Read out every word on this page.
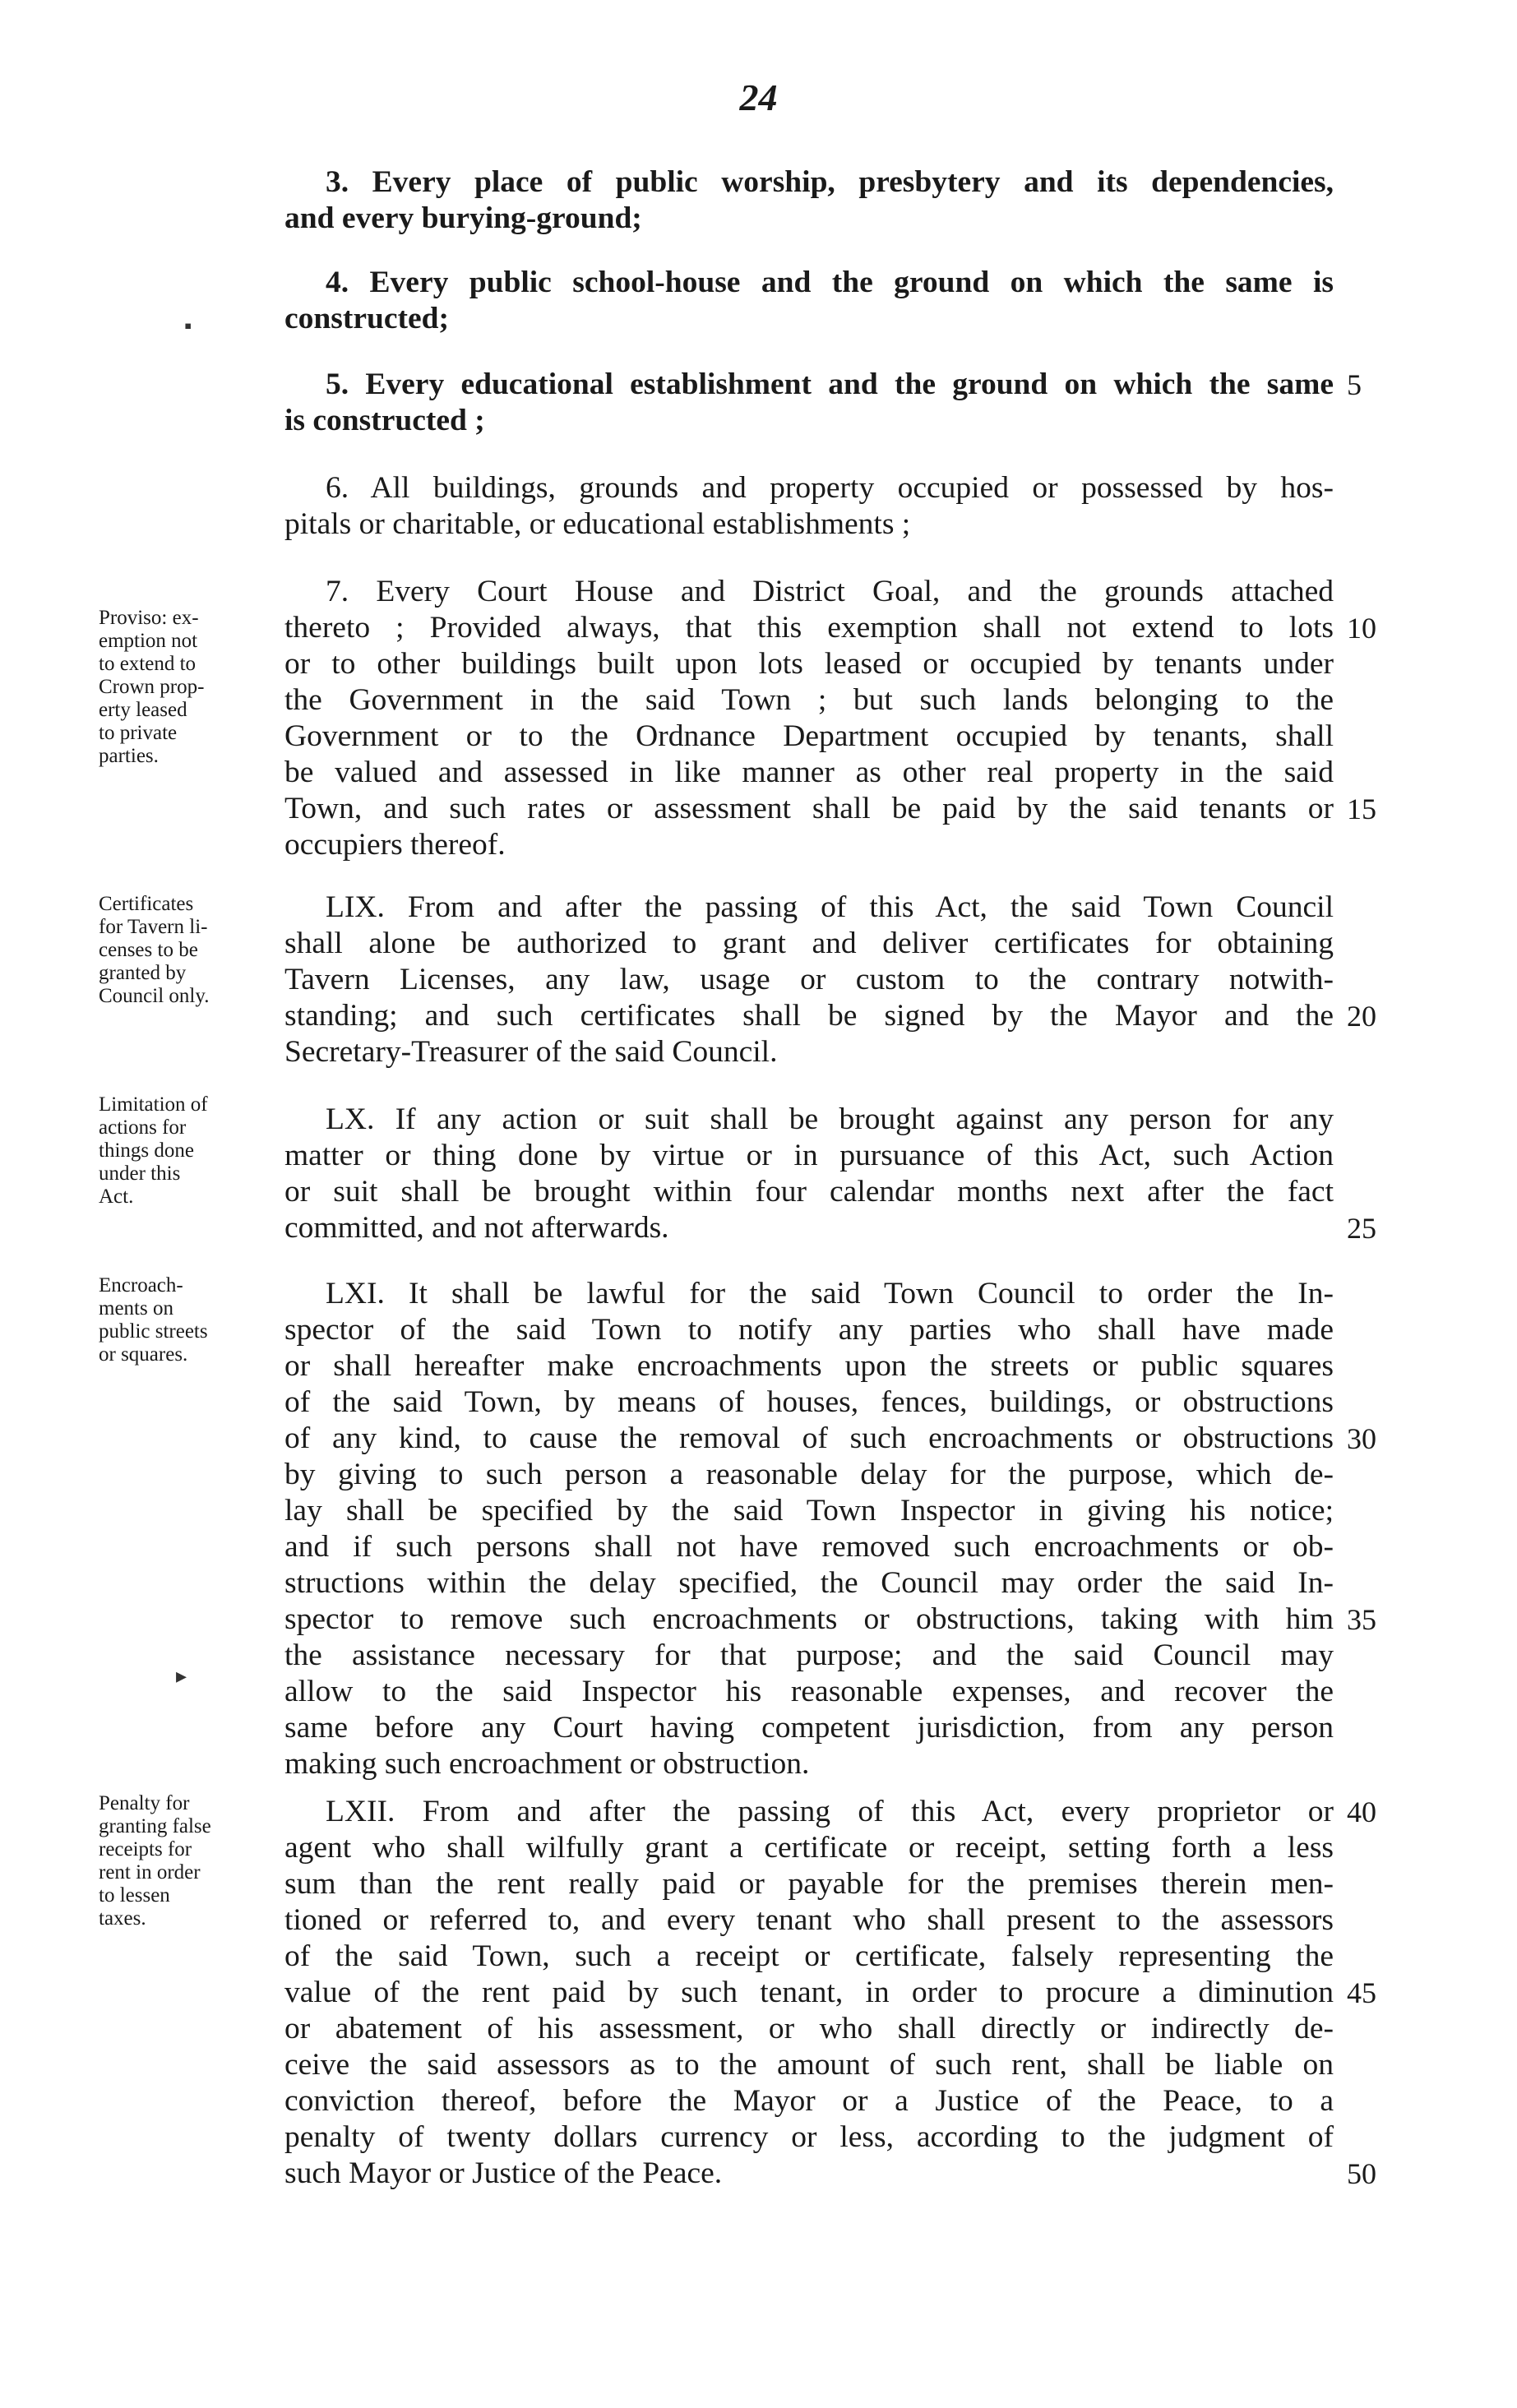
24
3. Every place of public worship, presbytery and its dependencies,
and every burying-ground;
4. Every public school-house and the ground on which the same is
constructed;
5. Every educational establishment and the ground on which the same
is constructed ;
6. All buildings, grounds and property occupied or possessed by hos-
pitals or charitable, or educational establishments ;
7. Every Court House and District Goal, and the grounds attached
thereto ; Provided always, that this exemption shall not extend to lots
or to other buildings built upon lots leased or occupied by tenants under
the Government in the said Town ; but such lands belonging to the
Government or to the Ordnance Department occupied by tenants, shall
be valued and assessed in like manner as other real property in the said
Town, and such rates or assessment shall be paid by the said tenants or
occupiers thereof.
LIX. From and after the passing of this Act, the said Town Council
shall alone be authorized to grant and deliver certificates for obtaining
Tavern Licenses, any law, usage or custom to the contrary notwith-
standing; and such certificates shall be signed by the Mayor and the
Secretary-Treasurer of the said Council.
LX. If any action or suit shall be brought against any person for any
matter or thing done by virtue or in pursuance of this Act, such Action
or suit shall be brought within four calendar months next after the fact
committed, and not afterwards.
LXI. It shall be lawful for the said Town Council to order the In-
spector of the said Town to notify any parties who shall have made
or shall hereafter make encroachments upon the streets or public squares
of the said Town, by means of houses, fences, buildings, or obstructions
of any kind, to cause the removal of such encroachments or obstructions
by giving to such person a reasonable delay for the purpose, which de-
lay shall be specified by the said Town Inspector in giving his notice;
and if such persons shall not have removed such encroachments or ob-
structions within the delay specified, the Council may order the said In-
spector to remove such encroachments or obstructions, taking with him
the assistance necessary for that purpose; and the said Council may
allow to the said Inspector his reasonable expenses, and recover the
same before any Court having competent jurisdiction, from any person
making such encroachment or obstruction.
LXII. From and after the passing of this Act, every proprietor or
agent who shall wilfully grant a certificate or receipt, setting forth a less
sum than the rent really paid or payable for the premises therein men-
tioned or referred to, and every tenant who shall present to the assessors
of the said Town, such a receipt or certificate, falsely representing the
value of the rent paid by such tenant, in order to procure a diminution
or abatement of his assessment, or who shall directly or indirectly de-
ceive the said assessors as to the amount of such rent, shall be liable on
conviction thereof, before the Mayor or a Justice of the Peace, to a
penalty of twenty dollars currency or less, according to the judgment of
such Mayor or Justice of the Peace.
5
10
15
20
25
30
35
40
45
50
Proviso: ex-
emption not
to extend to
Crown prop-
erty leased
to private
parties.
Certificates
for Tavern li-
censes to be
granted by
Council only.
Limitation of
actions for
things done
under this
Act.
Encroach-
ments on
public streets
or squares.
Penalty for
granting false
receipts for
rent in order
to lessen
taxes.
▪
▸
